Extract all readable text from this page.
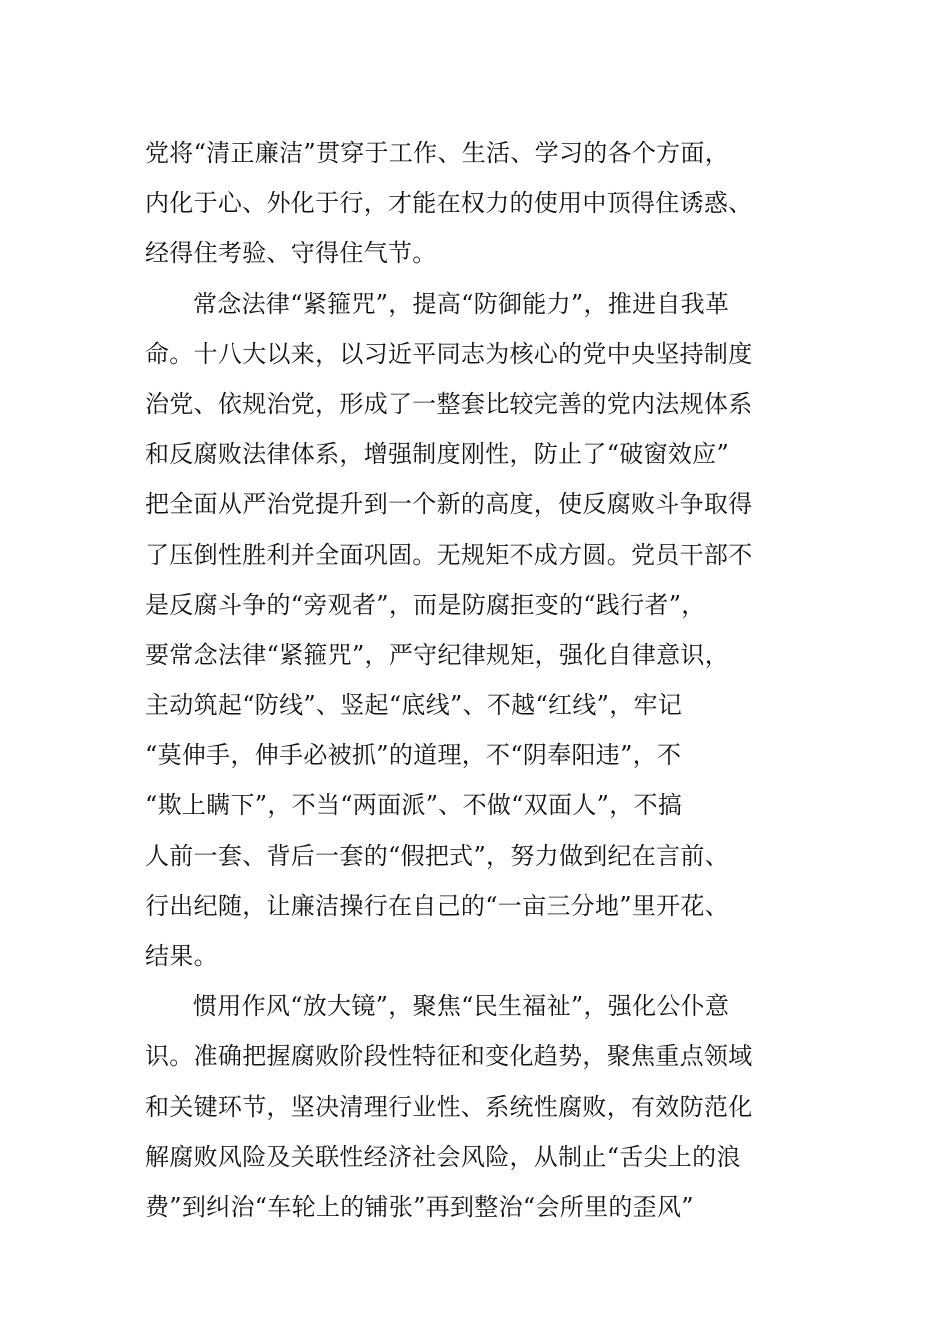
党将“清正廉洁”贯穿于工作、生活、学习的各个方面，
内化于心、外化于行，才能在权力的使用中顶得住诱惑、
经得住考验、守得住气节。
常念法律“紧箍咒”，提高“防御能力”，推进自我革
命。十八大以来，以习近平同志为核心的党中央坚持制度
治党、依规治党，形成了一整套比较完善的党内法规体系
和反腐败法律体系，增强制度刚性，防止了“破窗效应”
把全面从严治党提升到一个新的高度，使反腐败斗争取得
了压倒性胜利并全面巩固。无规矩不成方圆。党员干部不
是反腐斗争的“旁观者”，而是防腐拒变的“践行者”，
要常念法律“紧箍咒”，严守纪律规矩，强化自律意识，
主动筑起“防线”、竖起“底线”、不越“红线”，牢记
“莫伸手，伸手必被抓”的道理，不“阴奉阳违”，不
“欺上瞒下”，不当“两面派”、不做“双面人”，不搞
人前一套、背后一套的“假把式”，努力做到纪在言前、
行出纪随，让廉洁操行在自己的“一亩三分地”里开花、
结果。
惯用作风“放大镜”，聚焦“民生福祉”，强化公仆意
识。准确把握腐败阶段性特征和变化趋势，聚焦重点领域
和关键环节，坚决清理行业性、系统性腐败，有效防范化
解腐败风险及关联性经济社会风险，从制止“舌尖上的浪
费”到纠治“车轮上的铺张”再到整治“会所里的歪风”
